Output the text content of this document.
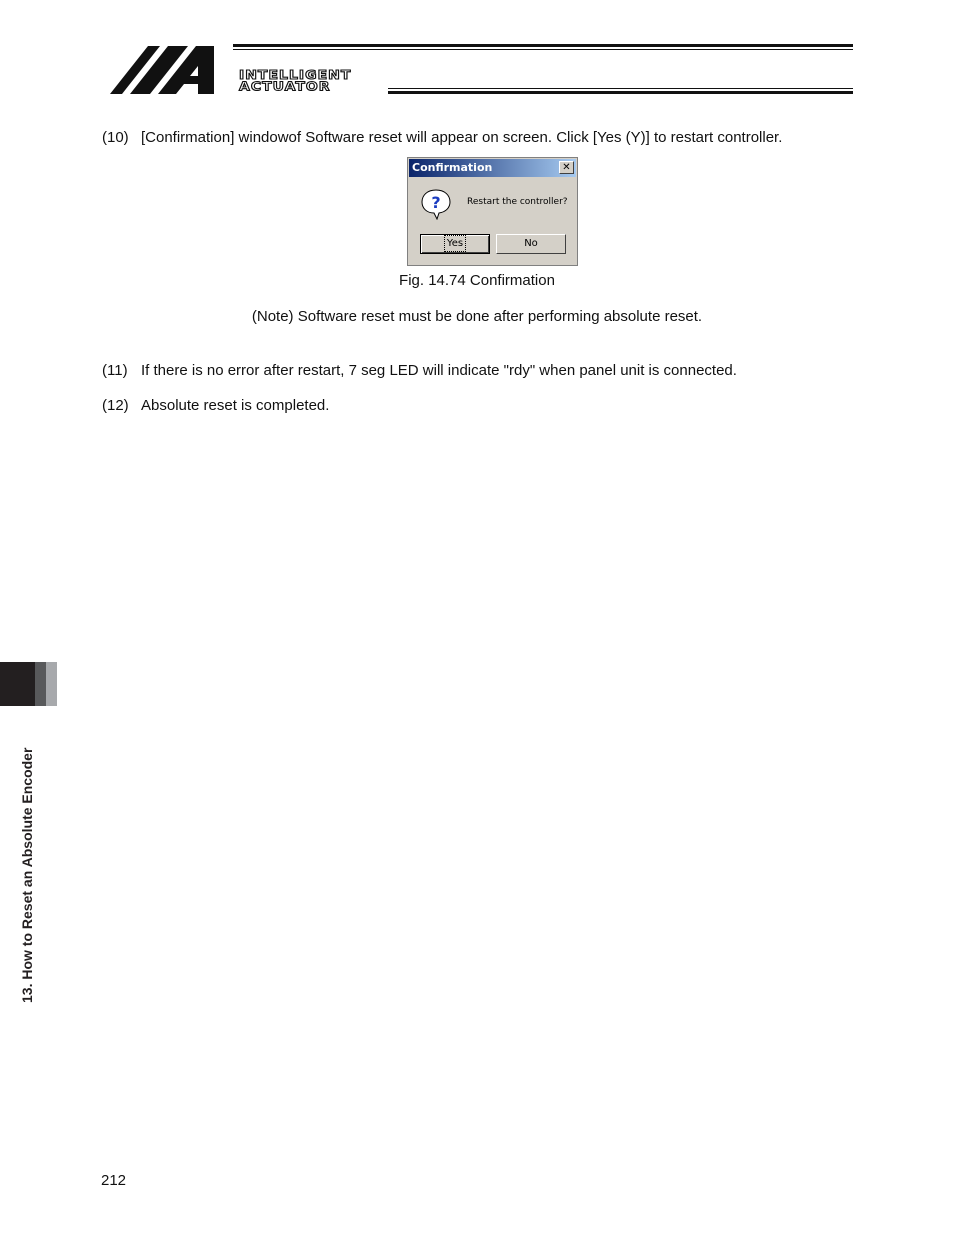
INTELLIGENT
ACTUATOR
(10) [Confirmation] windowof Software reset will appear on screen. Click [Yes (Y)] to restart controller.
Confirmation	✕
?	Restart the controller?
Yes	No
Fig. 14.74 Confirmation
(Note) Software reset must be done after performing absolute reset.
(11) If there is no error after restart, 7 seg LED will indicate "rdy" when panel unit is connected.
(12) Absolute reset is completed.
13. How to Reset an Absolute Encoder
212
